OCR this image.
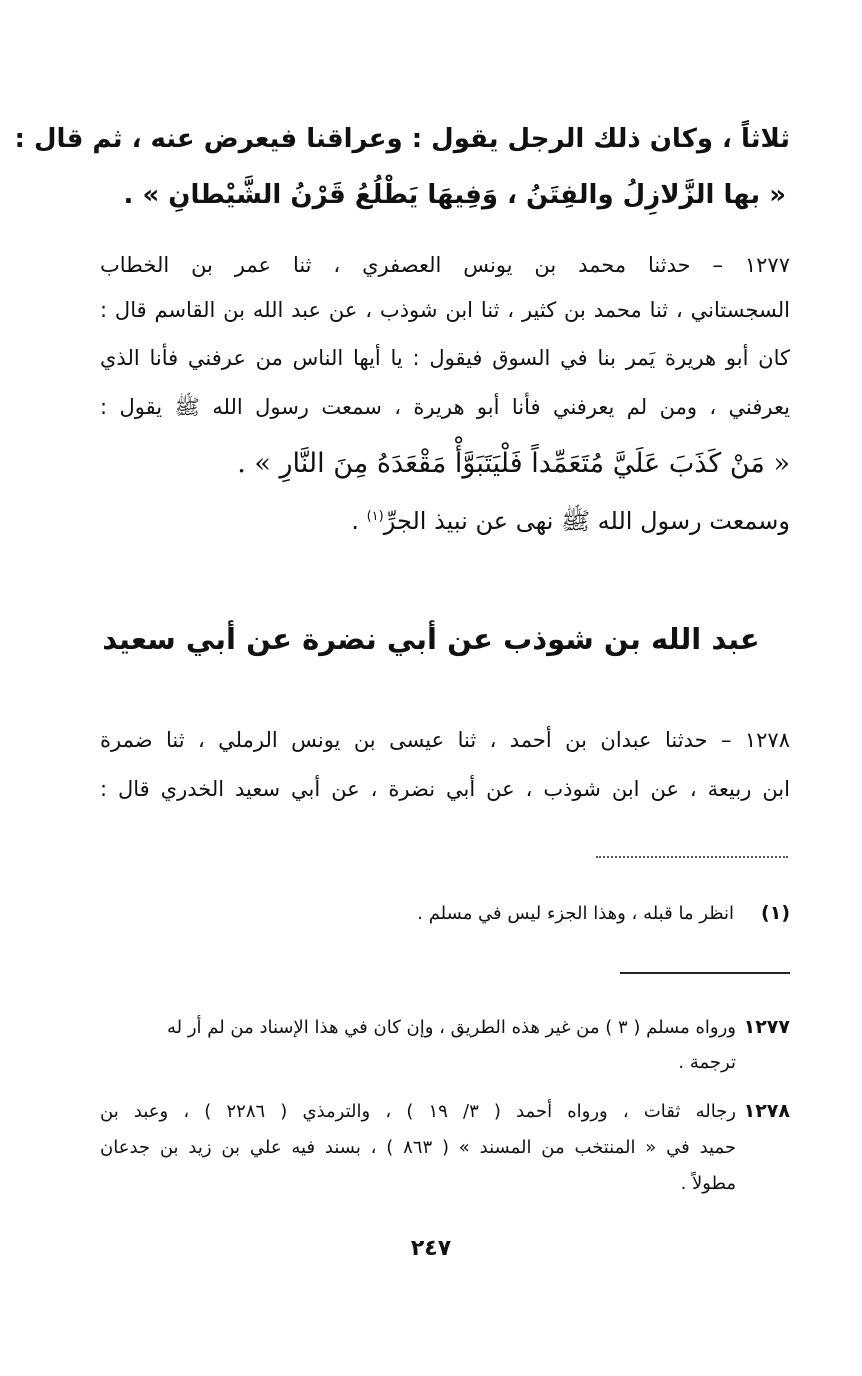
ثلاثاً ، وكان ذلك الرجل يقول : وعراقنا فيعرض عنه ، ثم قال :
« بها الزَّلازِلُ والفِتَنُ ، وَفِيهَا يَطْلُعُ قَرْنُ الشَّيْطانِ » .
١٢٧٧ – حدثنا محمد بن يونس العصفري ، ثنا عمر بن الخطاب
السجستاني ، ثنا محمد بن كثير ، ثنا ابن شوذب ، عن عبد الله بن القاسم قال :
كان أبو هريرة يَمر بنا في السوق فيقول : يا أيها الناس من عرفني فأنا الذي
يعرفني ، ومن لم يعرفني فأنا أبو هريرة ، سمعت رسول الله ﷺ يقول :
« مَنْ كَذَبَ عَلَيَّ مُتَعَمِّداً فَلْيَتَبَوَّأْ مَقْعَدَهُ مِنَ النَّارِ » .
وسمعت رسول الله ﷺ نهى عن نبيذ الجرِّ$^{(١)}$ .
عبد الله بن شوذب عن أبي نضرة عن أبي سعيد
١٢٧٨ – حدثنا عبدان بن أحمد ، ثنا عيسى بن يونس الرملي ، ثنا ضمرة
ابن ربيعة ، عن ابن شوذب ، عن أبي نضرة ، عن أبي سعيد الخدري قال :
(١)
انظر ما قبله ، وهذا الجزء ليس في مسلم .
١٢٧٧
ورواه مسلم ( ٣ ) من غير هذه الطريق ، وإن كان في هذا الإسناد من لم أر له
ترجمة .
١٢٧٨
رجاله ثقات ، ورواه أحمد ( ٣/ ١٩ ) ، والترمذي ( ٢٢٨٦ ) ، وعبد بن
حميد في « المنتخب من المسند » ( ٨٦٣ ) ، بسند فيه علي بن زيد بن جدعان
مطولاً .
٢٤٧
